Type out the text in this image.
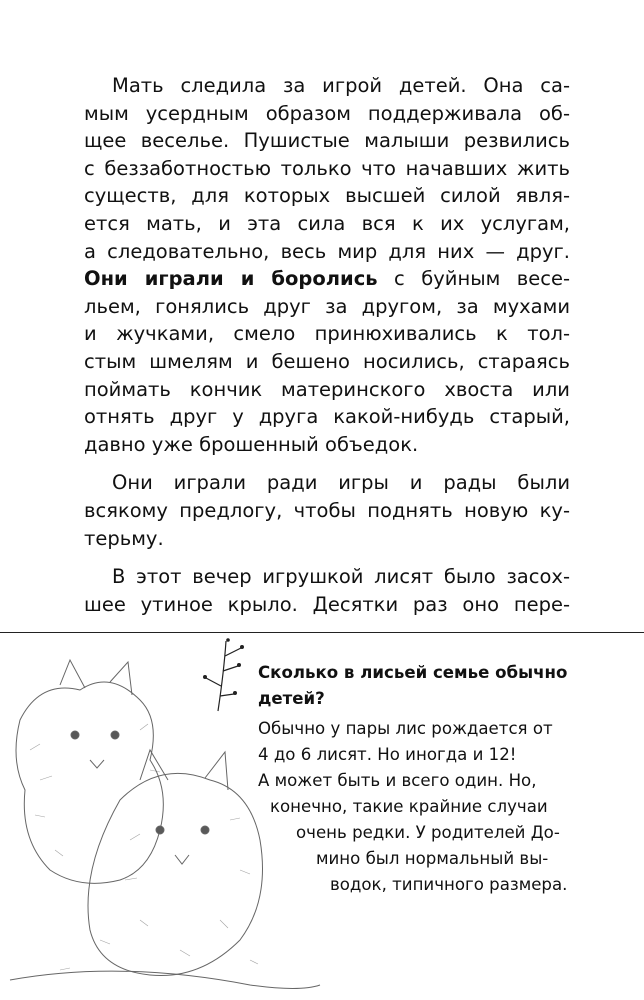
Мать следила за игрой детей. Она са-
мым усердным образом поддерживала об-
щее веселье. Пушистые малыши резвились
с беззаботностью только что начавших жить
существ, для которых высшей силой явля-
ется мать, и эта сила вся к их услугам,
а следовательно, весь мир для них — друг.
Они играли и боролись с буйным весе-
льем, гонялись друг за другом, за мухами
и жучками, смело принюхивались к тол-
стым шмелям и бешено носились, стараясь
поймать кончик материнского хвоста или
отнять друг у друга какой-нибудь старый,
давно уже брошенный объедок.
Они играли ради игры и рады были
всякому предлогу, чтобы поднять новую ку-
терьму.
В этот вечер игрушкой лисят было засох-
шее утиное крыло. Десятки раз оно пере-
Сколько в лисьей семье обычно
детей?
Обычно у пары лис рождается от
4 до 6 лисят. Но иногда и 12!
А может быть и всего один. Но,
конечно, такие крайние случаи
очень редки. У родителей До-
мино был нормальный вы-
водок, типичного размера.
